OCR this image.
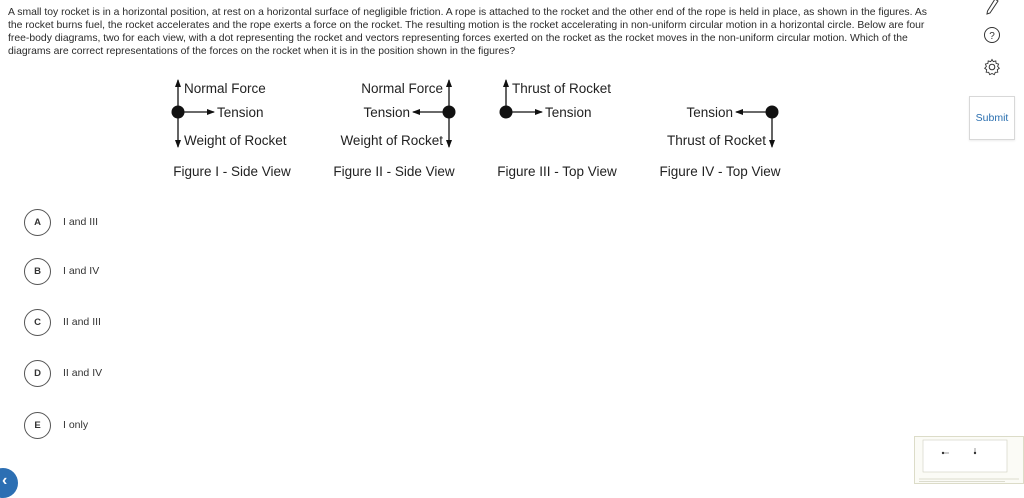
A small toy rocket is in a horizontal position, at rest on a horizontal surface of negligible friction. A rope is attached to the rocket and the other end of the rope is held in place, as shown in the figures. As the rocket burns fuel, the rocket accelerates and the rope exerts a force on the rocket. The resulting motion is the rocket accelerating in non-uniform circular motion in a horizontal circle. Below are four free-body diagrams, two for each view, with a dot representing the rocket and vectors representing forces exerted on the rocket as the rocket moves in the non-uniform circular motion. Which of the diagrams are correct representations of the forces on the rocket when it is in the position shown in the figures?
Normal Force
Tension
Weight of Rocket
Figure I - Side View
Normal Force
Tension
Weight of Rocket
Figure II - Side View
Thrust of Rocket
Tension
Figure III - Top View
Tension
Thrust of Rocket
Figure IV - Top View
A	I and III
B	I and IV
C	II and III
D	II and IV
E	I only
?
Submit
‹
